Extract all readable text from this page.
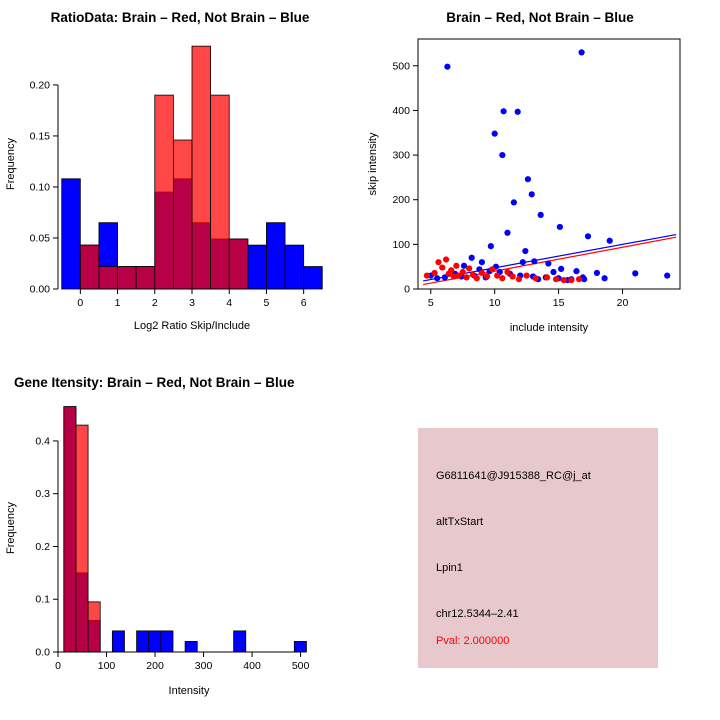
RatioData: Brain – Red, Not Brain – Blue
0	1	2	3	4	5	6
0.00
0.05
0.10
0.15
0.20
Log2 Ratio Skip/Include
Frequency
Brain – Red, Not Brain – Blue
5	10	15	20
0
100
200
300
400
500
include intensity
skip intensity
Gene Itensity: Brain – Red, Not Brain – Blue
0	100	200	300	400	500
0.0
0.1
0.2
0.3
0.4
Intensity
Frequency
G6811641@J915388_RC@j_at
altTxStart
Lpin1
chr12.5344–2.41
Pval: 2.000000
